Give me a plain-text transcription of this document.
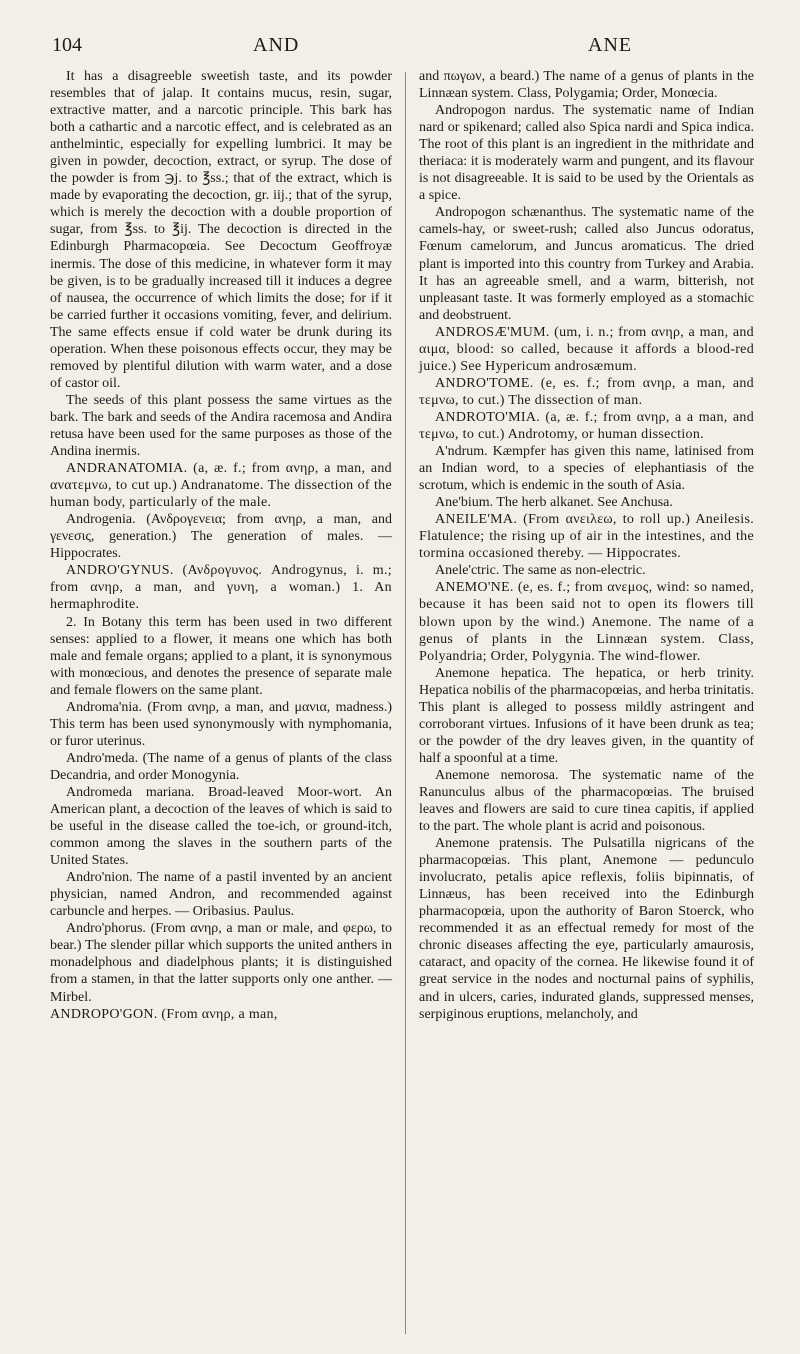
104	AND	ANE

It has a disagreeble sweetish taste, and its powder resembles that of jalap. It contains mucus, resin, sugar, extractive matter, and a narcotic principle. This bark has both a cathartic and a narcotic effect, and is celebrated as an anthelmintic, especially for expelling lumbrici. It may be given in powder, decoction, extract, or syrup. The dose of the powder is from ℈j. to ℥ss.; that of the extract, which is made by evaporating the decoction, gr. iij.; that of the syrup, which is merely the decoction with a double proportion of sugar, from ℥ss. to ℥ij. The decoction is directed in the Edinburgh Pharmacopœia. See Decoctum Geoffroyæ inermis. The dose of this medicine, in whatever form it may be given, is to be gradually increased till it induces a degree of nausea, the occurrence of which limits the dose; for if it be carried further it occasions vomiting, fever, and delirium. The same effects ensue if cold water be drunk during its operation. When these poisonous effects occur, they may be removed by plentiful dilution with warm water, and a dose of castor oil.

The seeds of this plant possess the same virtues as the bark. The bark and seeds of the Andira racemosa and Andira retusa have been used for the same purposes as those of the Andina inermis.

ANDRANATOMIA. (a, æ. f.; from ανηρ, a man, and ανατεμνω, to cut up.) Andranatome. The dissection of the human body, particularly of the male.

Androgenia. (Ανδρογενεια; from ανηρ, a man, and γενεσις, generation.) The generation of males. — Hippocrates.

ANDRO'GYNUS. (Ανδρογυνος. Androgynus, i. m.; from ανηρ, a man, and γυνη, a woman.) 1. An hermaphrodite.

2. In Botany this term has been used in two different senses: applied to a flower, it means one which has both male and female organs; applied to a plant, it is synonymous with monœcious, and denotes the presence of separate male and female flowers on the same plant.

Androma'nia. (From ανηρ, a man, and μανια, madness.) This term has been used synonymously with nymphomania, or furor uterinus.

Andro'meda. (The name of a genus of plants of the class Decandria, and order Monogynia.

Andromeda mariana. Broad-leaved Moor-wort. An American plant, a decoction of the leaves of which is said to be useful in the disease called the toe-ich, or ground-itch, common among the slaves in the southern parts of the United States.

Andro'nion. The name of a pastil invented by an ancient physician, named Andron, and recommended against carbuncle and herpes. — Oribasius. Paulus.

Andro'phorus. (From ανηρ, a man or male, and φερω, to bear.) The slender pillar which supports the united anthers in monadelphous and diadelphous plants; it is distinguished from a stamen, in that the latter supports only one anther. — Mirbel.

ANDROPO'GON. (From ανηρ, a man,

and πωγων, a beard.) The name of a genus of plants in the Linnæan system. Class, Polygamia; Order, Monœcia.

Andropogon nardus. The systematic name of Indian nard or spikenard; called also Spica nardi and Spica indica. The root of this plant is an ingredient in the mithridate and theriaca: it is moderately warm and pungent, and its flavour is not disagreeable. It is said to be used by the Orientals as a spice.

Andropogon schænanthus. The systematic name of the camels-hay, or sweet-rush; called also Juncus odoratus, Fœnum camelorum, and Juncus aromaticus. The dried plant is imported into this country from Turkey and Arabia. It has an agreeable smell, and a warm, bitterish, not unpleasant taste. It was formerly employed as a stomachic and deobstruent.

ANDROSÆ'MUM. (um, i. n.; from ανηρ, a man, and αιμα, blood: so called, because it affords a blood-red juice.) See Hypericum androsæmum.

ANDRO'TOME. (e, es. f.; from ανηρ, a man, and τεμνω, to cut.) The dissection of man.

ANDROTO'MIA. (a, æ. f.; from ανηρ, a a man, and τεμνω, to cut.) Androtomy, or human dissection.

A'ndrum. Kæmpfer has given this name, latinised from an Indian word, to a species of elephantiasis of the scrotum, which is endemic in the south of Asia.

Ane'bium. The herb alkanet. See Anchusa.

ANEILE'MA. (From ανειλεω, to roll up.) Aneilesis. Flatulence; the rising up of air in the intestines, and the tormina occasioned thereby. — Hippocrates.

Anele'ctric. The same as non-electric.

ANEMO'NE. (e, es. f.; from ανεμος, wind: so named, because it has been said not to open its flowers till blown upon by the wind.) Anemone. The name of a genus of plants in the Linnæan system. Class, Polyandria; Order, Polygynia. The wind-flower.

Anemone hepatica. The hepatica, or herb trinity. Hepatica nobilis of the pharmacopœias, and herba trinitatis. This plant is alleged to possess mildly astringent and corroborant virtues. Infusions of it have been drunk as tea; or the powder of the dry leaves given, in the quantity of half a spoonful at a time.

Anemone nemorosa. The systematic name of the Ranunculus albus of the pharmacopœias. The bruised leaves and flowers are said to cure tinea capitis, if applied to the part. The whole plant is acrid and poisonous.

Anemone pratensis. The Pulsatilla nigricans of the pharmacopœias. This plant, Anemone — pedunculo involucrato, petalis apice reflexis, foliis bipinnatis, of Linnæus, has been received into the Edinburgh pharmacopœia, upon the authority of Baron Stoerck, who recommended it as an effectual remedy for most of the chronic diseases affecting the eye, particularly amaurosis, cataract, and opacity of the cornea. He likewise found it of great service in the nodes and nocturnal pains of syphilis, and in ulcers, caries, indurated glands, suppressed menses, serpiginous eruptions, melancholy, and
